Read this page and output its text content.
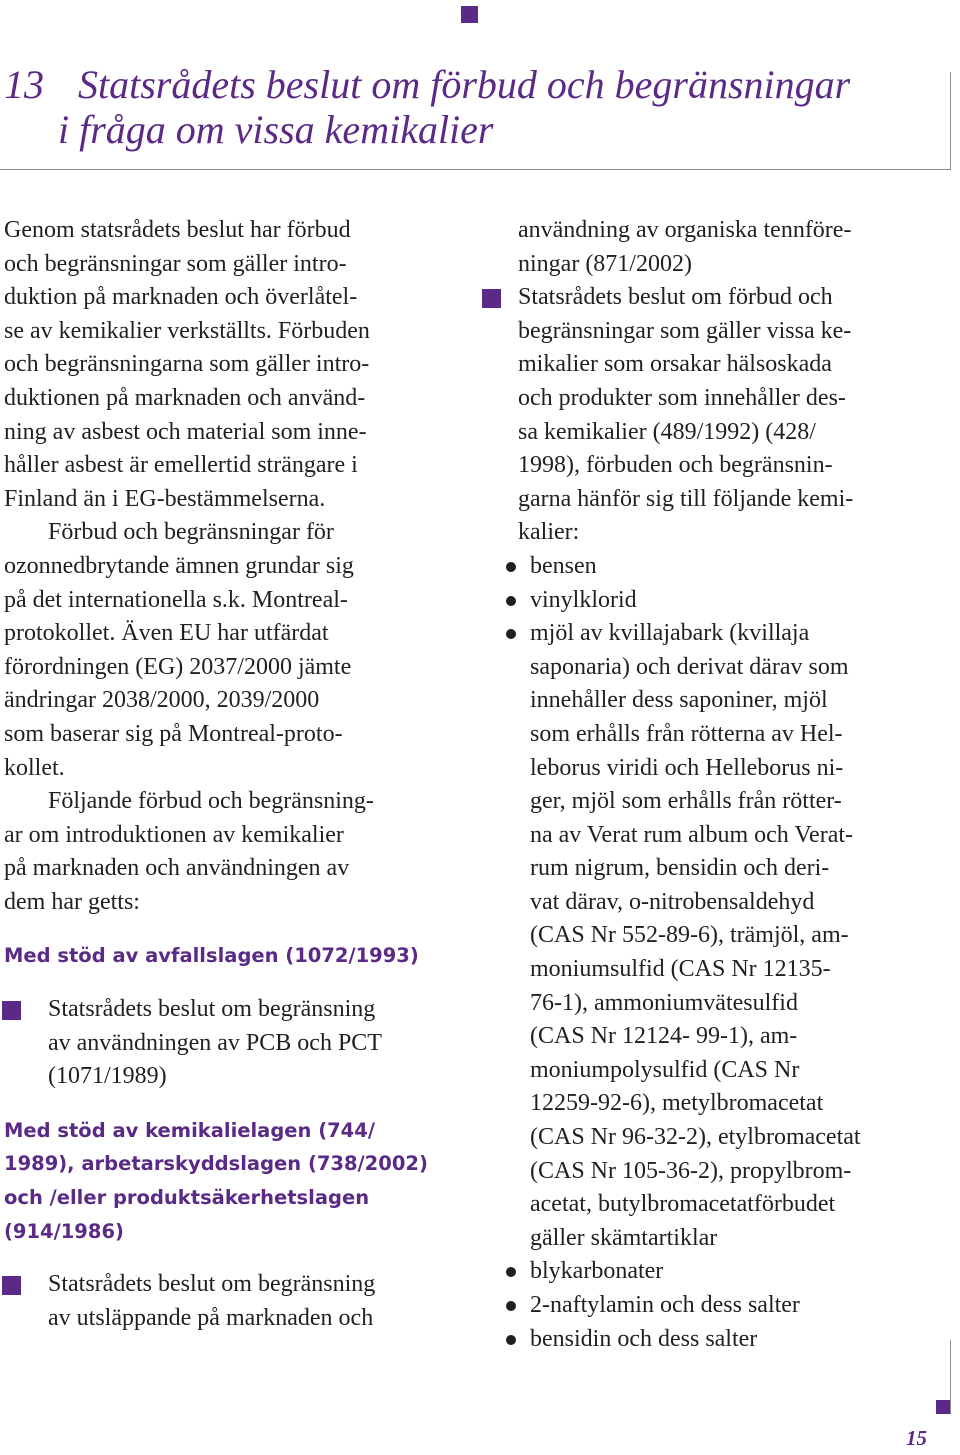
13 Statsrådets beslut om förbud och begränsningar
i fråga om vissa kemikalier
Genom statsrådets beslut har förbud
och begränsningar som gäller intro-
duktion på marknaden och överlåtel-
se av kemikalier verkställts. Förbuden
och begränsningarna som gäller intro-
duktionen på marknaden och använd-
ning av asbest och material som inne-
håller asbest är emellertid strängare i
Finland än i EG-bestämmelserna.
Förbud och begränsningar för
ozonnedbrytande ämnen grundar sig
på det internationella s.k. Montreal-
protokollet. Även EU har utfärdat
förordningen (EG) 2037/2000 jämte
ändringar 2038/2000, 2039/2000
som baserar sig på Montreal-proto-
kollet.
Följande förbud och begränsning-
ar om introduktionen av kemikalier
på marknaden och användningen av
dem har getts:
Med stöd av avfallslagen (1072/1993)
Statsrådets beslut om begränsning
av användningen av PCB och PCT
(1071/1989)
Med stöd av kemikalielagen (744/
1989), arbetarskyddslagen (738/2002)
och /eller produktsäkerhetslagen
(914/1986)
Statsrådets beslut om begränsning
av utsläppande på marknaden och
användning av organiska tennföre-
ningar (871/2002)
Statsrådets beslut om förbud och
begränsningar som gäller vissa ke-
mikalier som orsakar hälsoskada
och produkter som innehåller des-
sa kemikalier (489/1992) (428/
1998), förbuden och begränsnin-
garna hänför sig till följande kemi-
kalier:
bensen
vinylklorid
mjöl av kvillajabark (kvillaja
saponaria) och derivat därav som
innehåller dess saponiner, mjöl
som erhålls från rötterna av Hel-
leborus viridi och Helleborus ni-
ger, mjöl som erhålls från rötter-
na av Verat rum album och Verat-
rum nigrum, bensidin och deri-
vat därav, o-nitrobensaldehyd
(CAS Nr 552-89-6), trämjöl, am-
moniumsulfid (CAS Nr 12135-
76-1), ammoniumvätesulfid
(CAS Nr 12124- 99-1), am-
moniumpolysulfid (CAS Nr
12259-92-6), metylbromacetat
(CAS Nr 96-32-2), etylbromacetat
(CAS Nr 105-36-2), propylbrom-
acetat, butylbromacetatförbudet
gäller skämtartiklar
blykarbonater
2-naftylamin och dess salter
bensidin och dess salter
15
